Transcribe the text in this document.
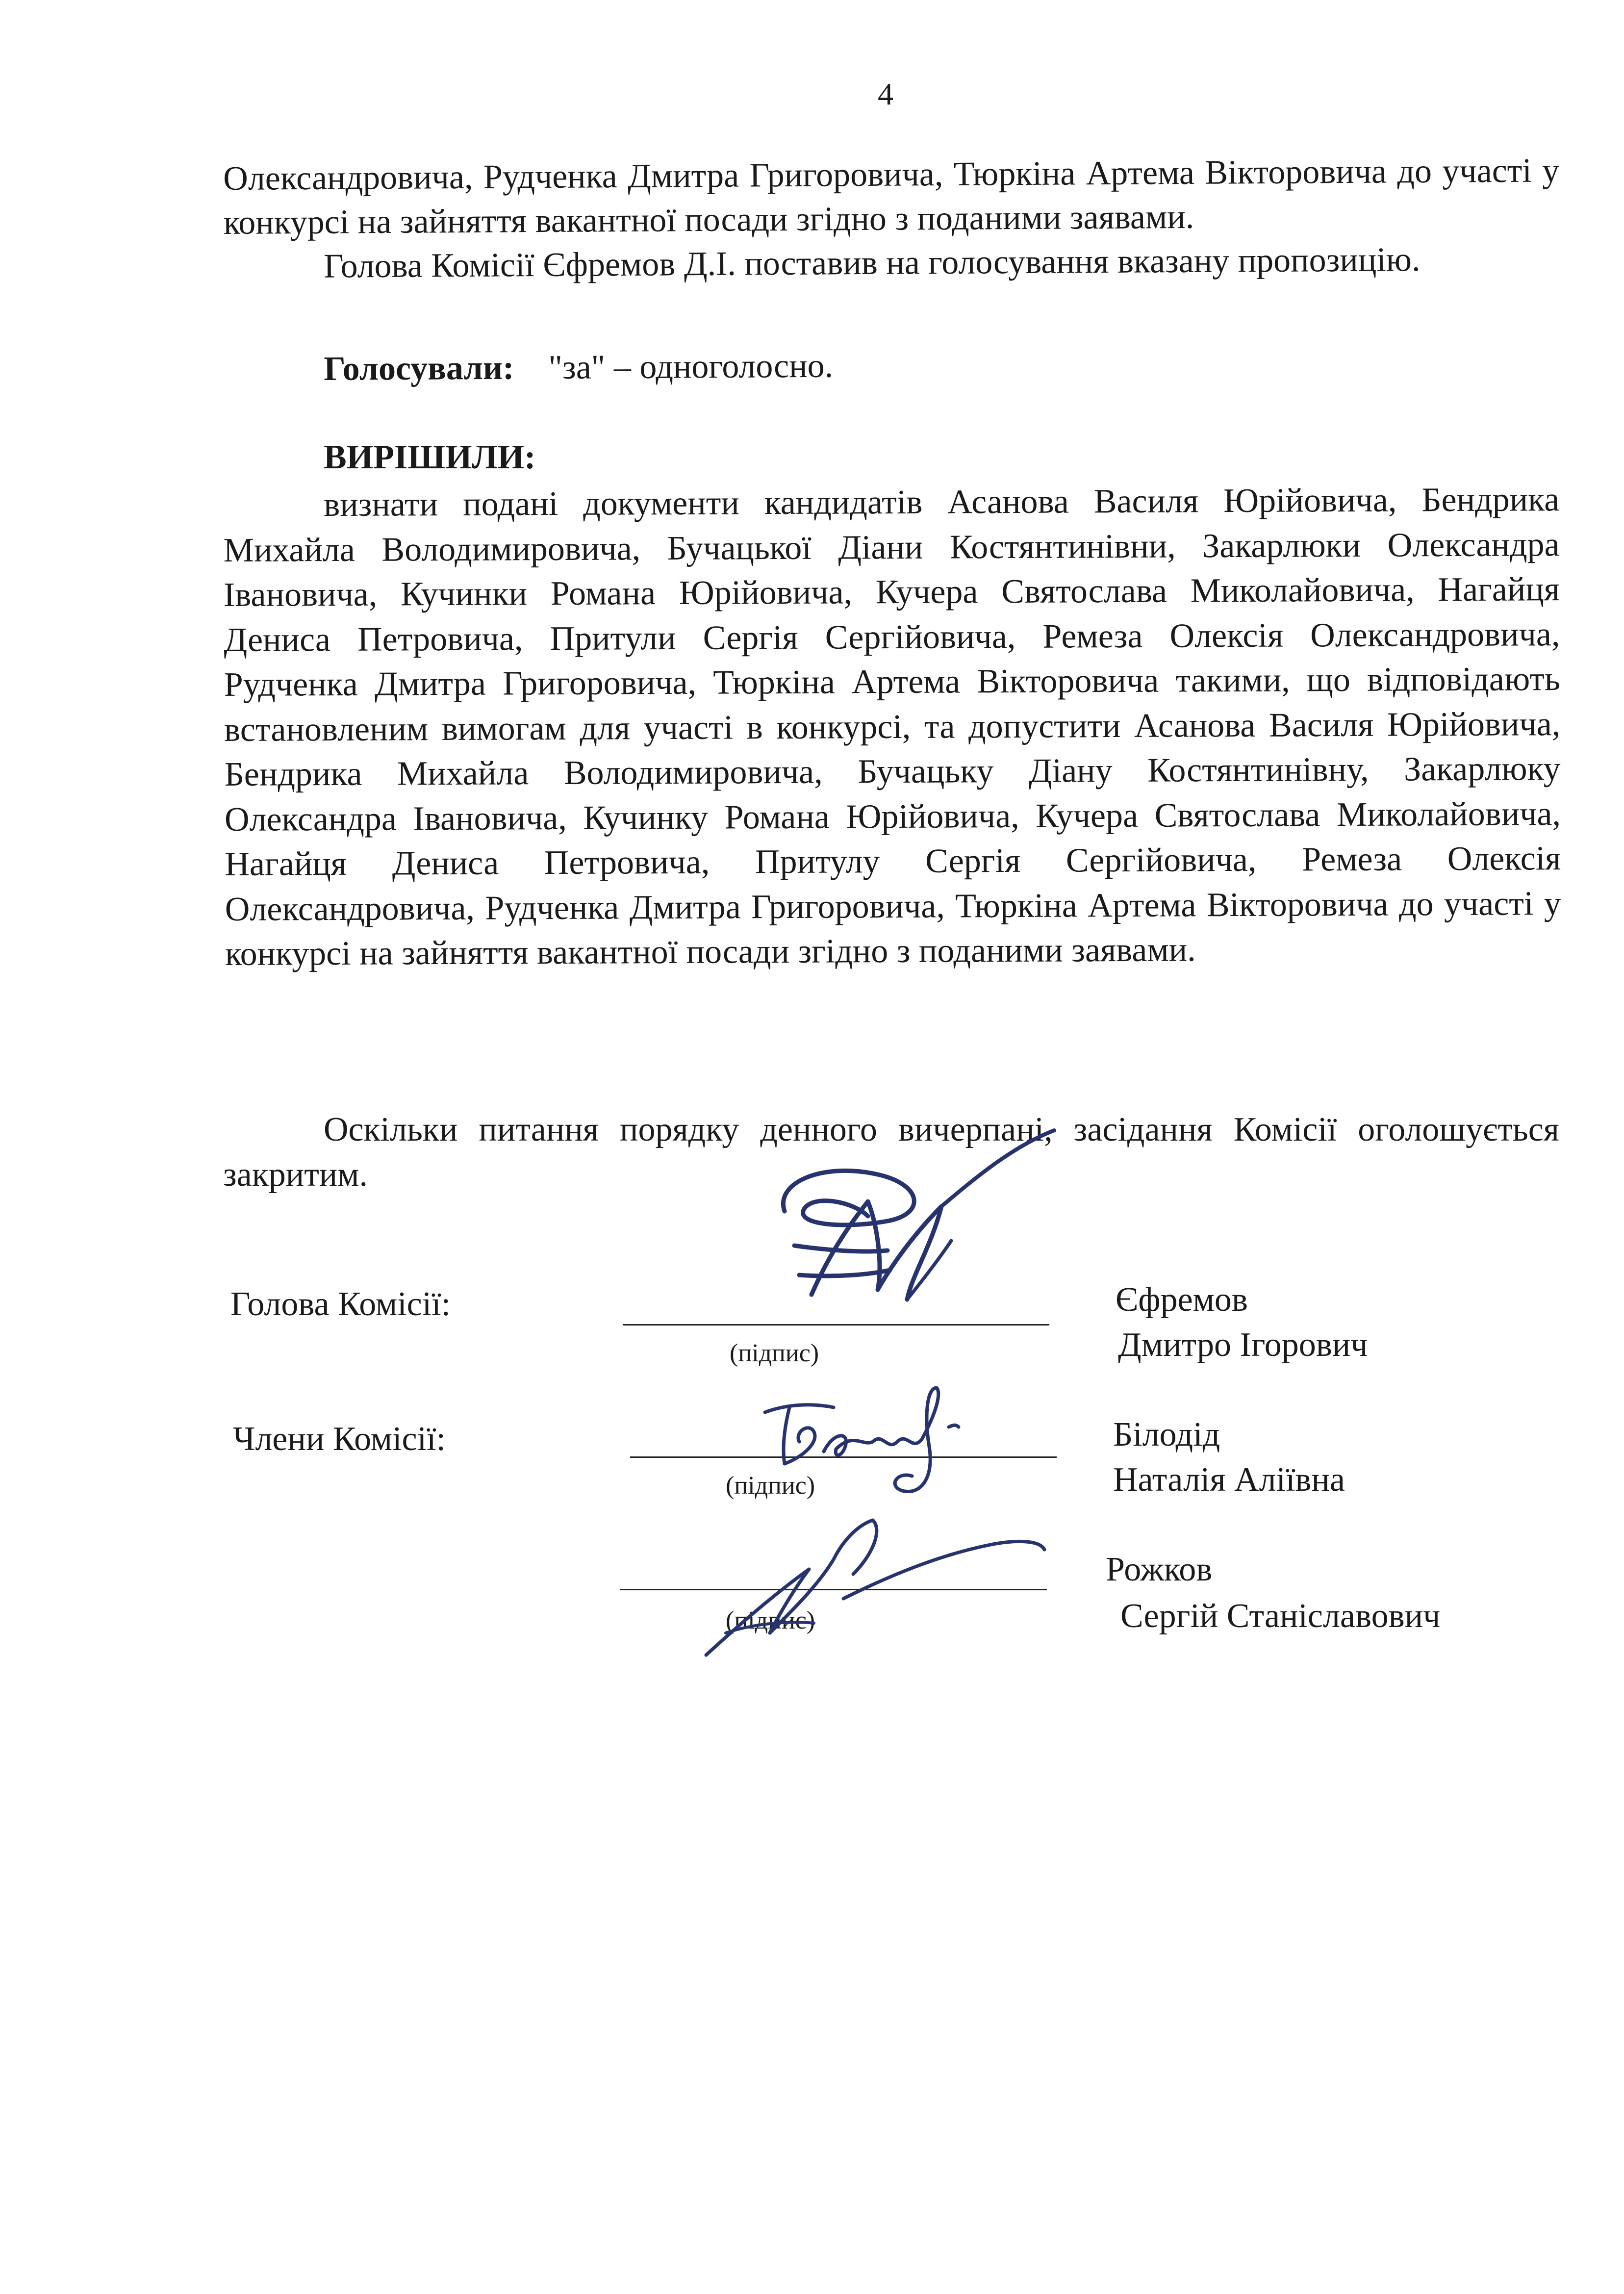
4
Олександровича, Рудченка Дмитра Григоровича, Тюркіна Артема Вікторовича до участі у конкурсі на зайняття вакантної посади згідно з поданими заявами.
Голова Комісії Єфремов Д.І. поставив на голосування вказану пропозицію.
Голосували: "за" – одноголосно.
ВИРІШИЛИ:
визнати подані документи кандидатів Асанова Василя Юрійовича, Бендрика Михайла Володимировича, Бучацької Діани Костянтинівни, Закарлюки Олександра Івановича, Кучинки Романа Юрійовича, Кучера Святослава Миколайовича, Нагайця Дениса Петровича, Притули Сергія Сергійовича, Ремеза Олексія Олександровича, Рудченка Дмитра Григоровича, Тюркіна Артема Вікторовича такими, що відповідають встановленим вимогам для участі в конкурсі, та допустити Асанова Василя Юрійовича, Бендрика Михайла Володимировича, Бучацьку Діану Костянтинівну, Закарлюку Олександра Івановича, Кучинку Романа Юрійовича, Кучера Святослава Миколайовича, Нагайця Дениса Петровича, Притулу Сергія Сергійовича, Ремеза Олексія Олександровича, Рудченка Дмитра Григоровича, Тюркіна Артема Вікторовича до участі у конкурсі на зайняття вакантної посади згідно з поданими заявами.
Оскільки питання порядку денного вичерпані, засідання Комісії оголошується закритим.
Голова Комісії:
(підпис)
Єфремов
Дмитро Ігорович
Члени Комісії:
(підпис)
Білодід
Наталія Аліївна
(підпис)
Рожков
Сергій Станіславович
